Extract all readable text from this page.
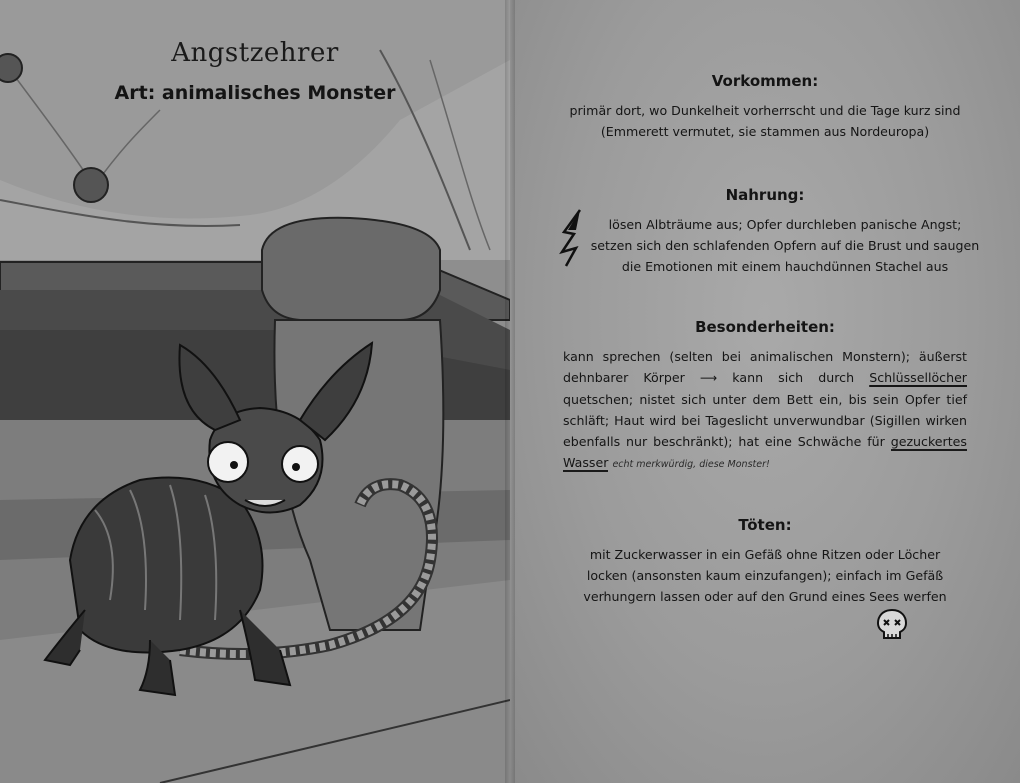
Angstzehrer
Art: animalisches Monster
Vorkommen:

primär dort, wo Dunkelheit vorherrscht und die Tage kurz sind (Emmerett vermutet, sie stammen aus Nordeuropa)

Nahrung:

lösen Albträume aus; Opfer durchleben panische Angst; setzen sich den schlafenden Opfern auf die Brust und saugen die Emotionen mit einem hauchdünnen Stachel aus

Besonderheiten:

kann sprechen (selten bei animalischen Monstern); äußerst dehnbarer Körper ⟶ kann sich durch Schlüssellöcher quetschen; nistet sich unter dem Bett ein, bis sein Opfer tief schläft; Haut wird bei Tageslicht unverwundbar (Sigillen wirken ebenfalls nur beschränkt); hat eine Schwäche für gezuckertes Wasser echt merkwürdig, diese Monster!

Töten:

mit Zuckerwasser in ein Gefäß ohne Ritzen oder Löcher locken (ansonsten kaum einzufangen); einfach im Gefäß verhungern lassen oder auf den Grund eines Sees werfen
